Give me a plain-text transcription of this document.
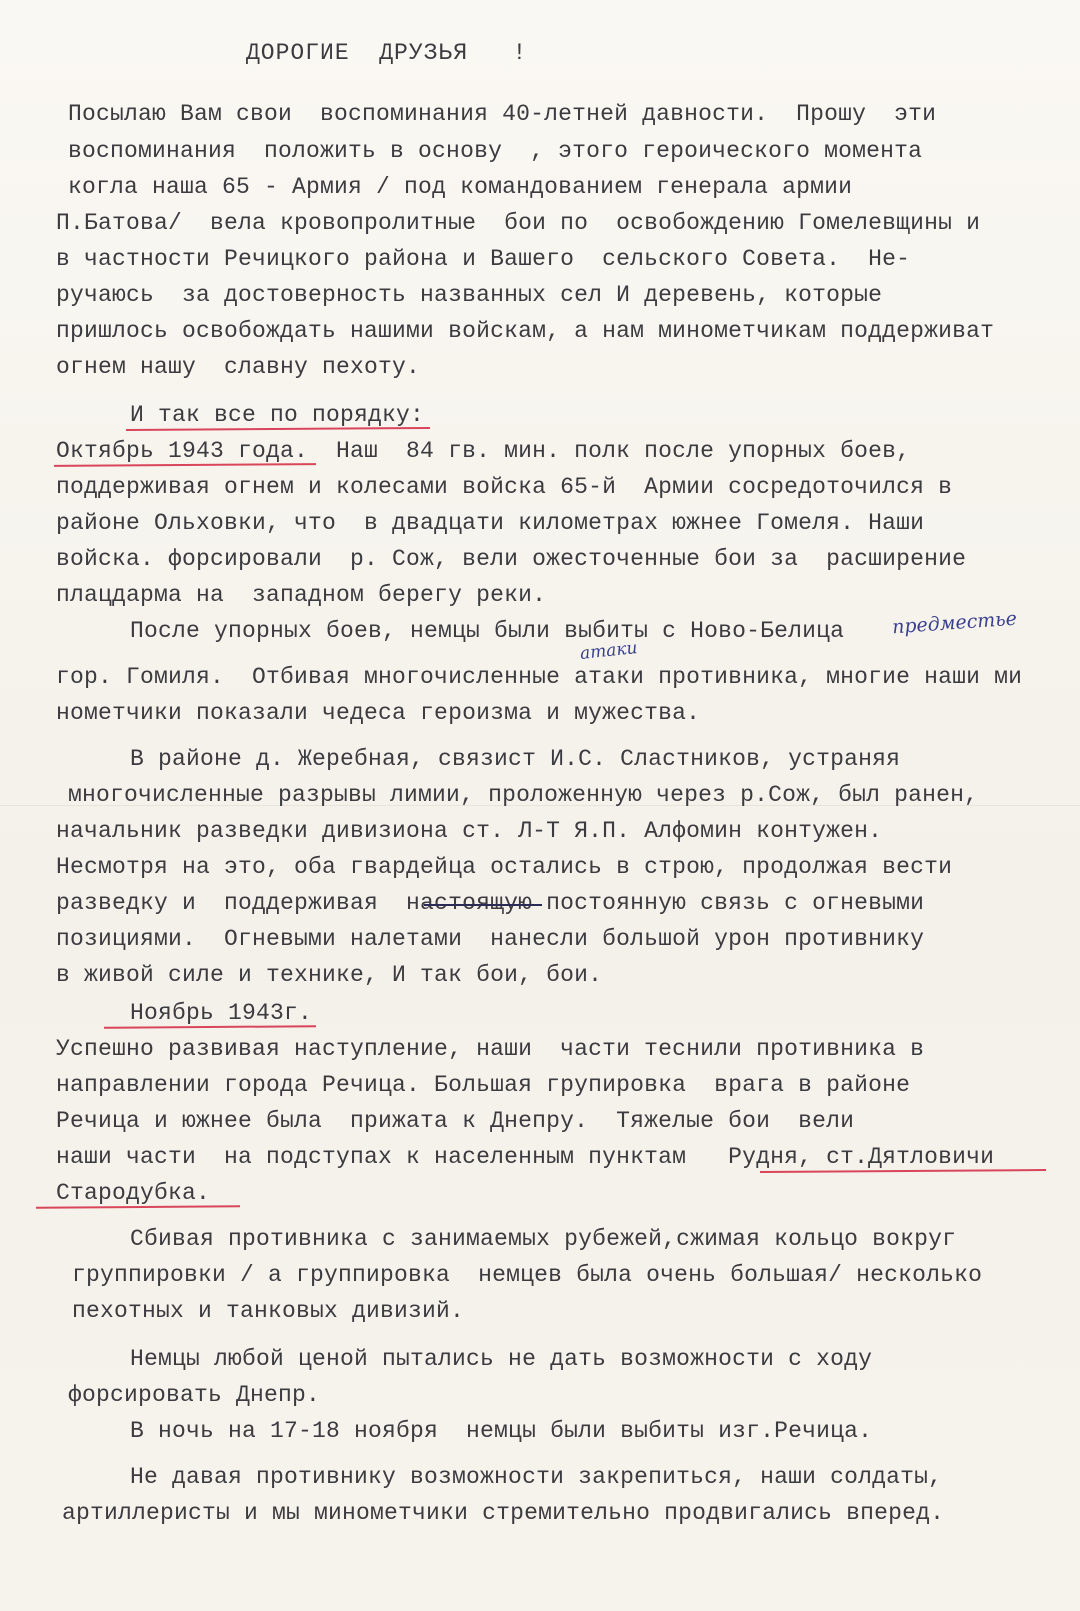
ДОРОГИЕ  ДРУЗЬЯ   !
Посылаю Вам свои  воспоминания 40-летней давности.  Прошу  эти
воспоминания  положить в основу  , этого героического момента
когла наша 65 - Армия / под командованием генерала армии
П.Батова/  вела кровопролитные  бои по  освобождению Гомелевщины и
в частности Речицкого района и Вашего  сельского Совета.  Не-
ручаюсь  за достоверность названных сел И деревень, которые
пришлось освобождать нашими войскам, а нам минометчикам поддерживат
огнем нашу  славну пехоту.
И так все по порядку:
Октябрь 1943 года.  Наш  84 гв. мин. полк после упорных боев,
поддерживая огнем и колесами войска 65-й  Армии сосредоточился в
районе Ольховки, что  в двадцати километрах южнее Гомеля. Наши
войска. форсировали  р. Сож, вели ожесточенные бои за  расширение
плацдарма на  западном берегу реки.
После упорных боев, немцы были выбиты с Ново-Белица предместье
атаки
гор. Гомиля.  Отбивая многочисленные атаки противника, многие наши ми
нометчики показали чедеса героизма и мужества.
В районе д. Жеребная, связист И.С. Сластников, устраняя
многочисленные разрывы лимии, проложенную через р.Сож, был ранен,
начальник разведки дивизиона ст. Л-Т Я.П. Алфомин контужен.
Несмотря на это, оба гвардейца остались в строю, продолжая вести
разведку и  поддерживая  настоящую постоянную связь с огневыми
позициями.  Огневыми налетами  нанесли большой урон противнику
в живой силе и технике, И так бои, бои.
Ноябрь 1943г.
Успешно развивая наступление, наши  части теснили противника в
направлении города Речица. Большая групировка  врага в районе
Речица и южнее была  прижата к Днепру.  Тяжелые бои  вели
наши части  на подступах к населенным пунктам   Рудня, ст.Дятловичи
Стародубка.
Сбивая противника с занимаемых рубежей,сжимая кольцо вокруг
группировки / а группировка  немцев была очень большая/ несколько
пехотных и танковых дивизий.
Немцы любой ценой пытались не дать возможности с ходу
форсировать Днепр.
В ночь на 17-18 ноября  немцы были выбиты изг.Речица.
Не давая противнику возможности закрепиться, наши солдаты,
артиллеристы и мы минометчики стремительно продвигались вперед.
